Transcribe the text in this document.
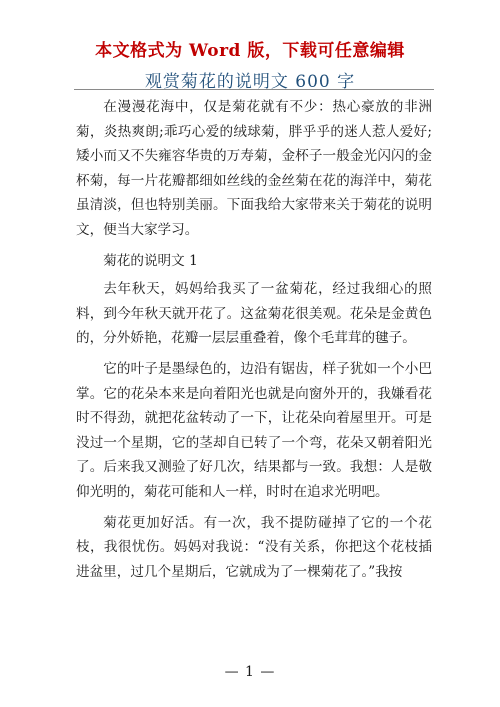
本文格式为 Word 版，下载可任意编辑
观赏菊花的说明文 600 字

在漫漫花海中，仅是菊花就有不少：热心豪放的非洲菊，炎热爽朗;乖巧心爱的绒球菊，胖乎乎的迷人惹人爱好;矮小而又不失雍容华贵的万寿菊，金杯子一般金光闪闪的金杯菊，每一片花瓣都细如丝线的金丝菊在花的海洋中，菊花虽清淡，但也特别美丽。下面我给大家带来关于菊花的说明文，便当大家学习。

菊花的说明文 1

去年秋天，妈妈给我买了一盆菊花，经过我细心的照料，到今年秋天就开花了。这盆菊花很美观。花朵是金黄色的，分外娇艳，花瓣一层层重叠着，像个毛茸茸的毽子。

它的叶子是墨绿色的，边沿有锯齿，样子犹如一个小巴掌。它的花朵本来是向着阳光也就是向窗外开的，我嫌看花时不得劲，就把花盆转动了一下，让花朵向着屋里开。可是没过一个星期，它的茎却自已转了一个弯，花朵又朝着阳光了。后来我又测验了好几次，结果都与一致。我想：人是敬仰光明的，菊花可能和人一样，时时在追求光明吧。

菊花更加好活。有一次，我不提防碰掉了它的一个花枝，我很忧伤。妈妈对我说：“没有关系，你把这个花枝插进盆里，过几个星期后，它就成为了一棵菊花了。”我按

— 1 —
